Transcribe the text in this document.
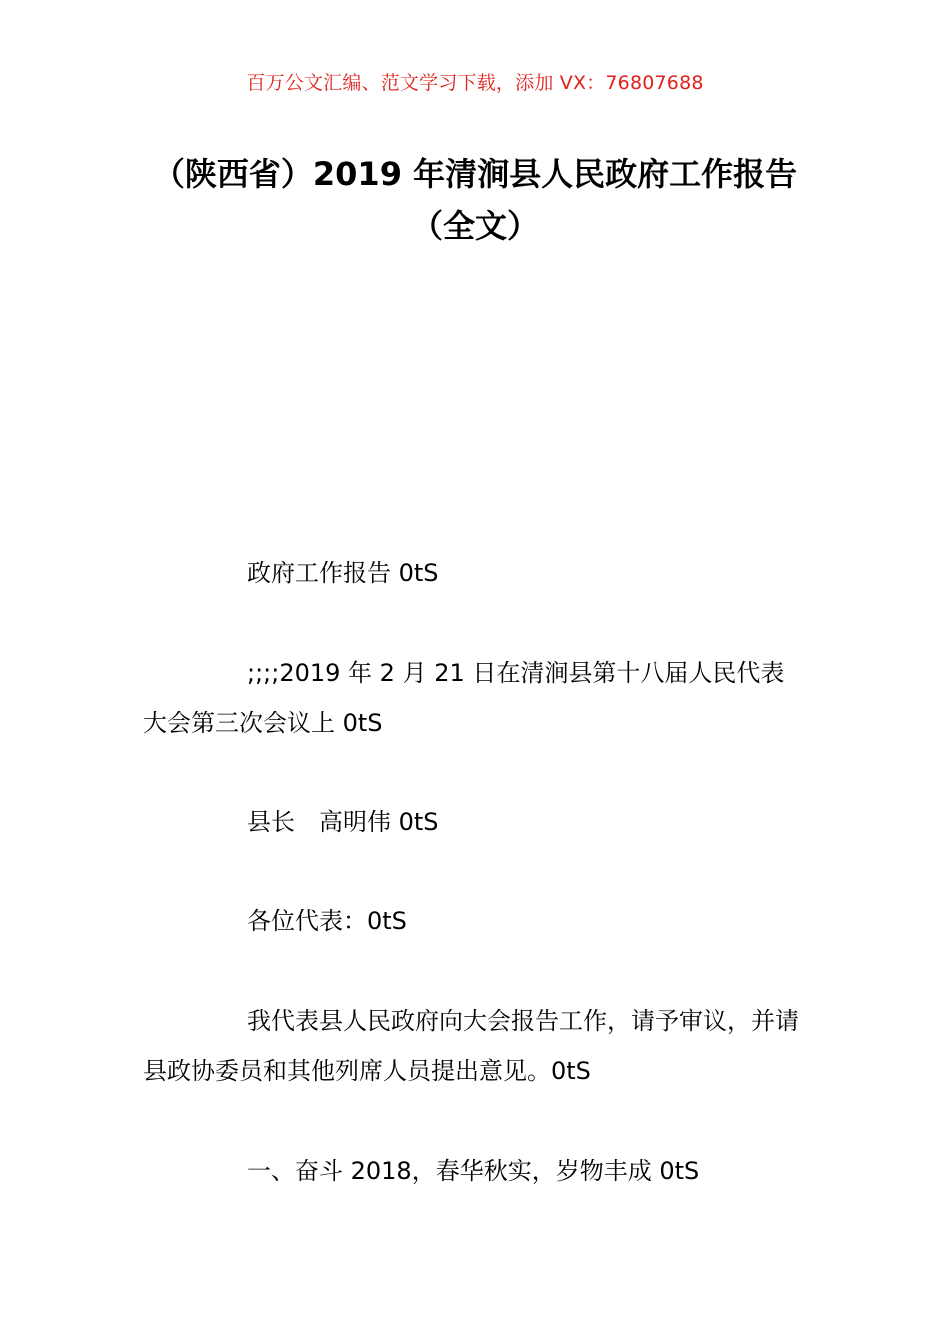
百万公文汇编、范文学习下载，添加 VX：76807688
（陕西省）2019 年清涧县人民政府工作报告（全文）

政府工作报告 0tS

;;;;2019 年 2 月 21 日在清涧县第十八届人民代表大会第三次会议上 0tS

县长　高明伟 0tS

各位代表：0tS

我代表县人民政府向大会报告工作，请予审议，并请县政协委员和其他列席人员提出意见。0tS

一、奋斗 2018，春华秋实，岁物丰成 0tS
